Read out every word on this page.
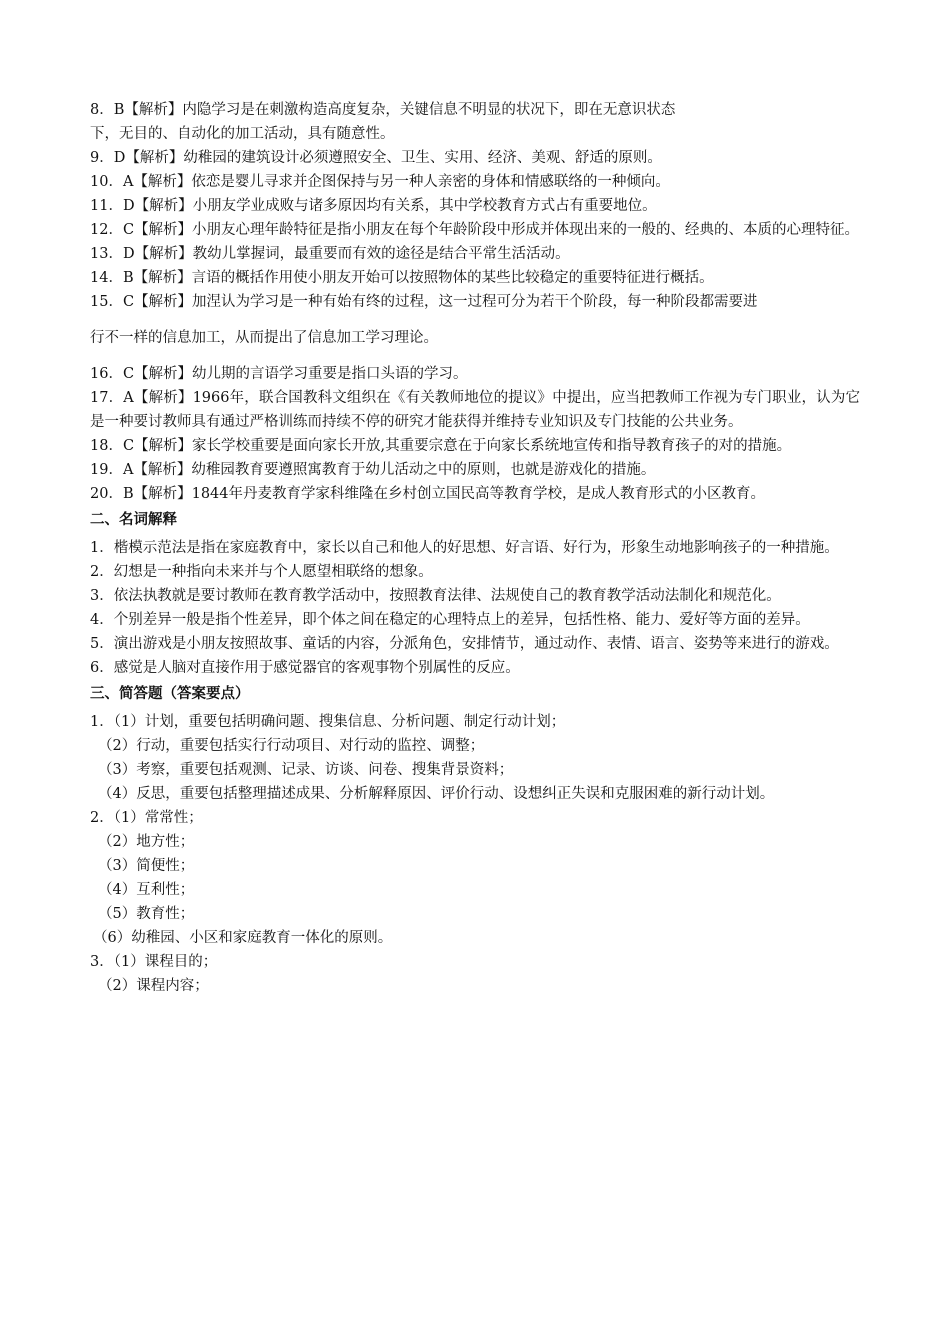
8．B【解析】内隐学习是在刺激构造高度复杂，关键信息不明显的状况下，即在无意识状态

下，无目的、自动化的加工活动，具有随意性。

9．D【解析】幼稚园的建筑设计必须遵照安全、卫生、实用、经济、美观、舒适的原则。

10．A【解析】依恋是婴儿寻求并企图保持与另一种人亲密的身体和情感联络的一种倾向。

11．D【解析】小朋友学业成败与诸多原因均有关系，其中学校教育方式占有重要地位。

12．C【解析】小朋友心理年龄特征是指小朋友在每个年龄阶段中形成并体现出来的一般的、经典的、本质的心理特征。

13．D【解析】教幼儿掌握词，最重要而有效的途径是结合平常生活活动。

14．B【解析】言语的概括作用使小朋友开始可以按照物体的某些比较稳定的重要特征进行概括。

15．C【解析】加涅认为学习是一种有始有终的过程，这一过程可分为若干个阶段，每一种阶段都需要进

行不一样的信息加工，从而提出了信息加工学习理论。

16．C【解析】幼儿期的言语学习重要是指口头语的学习。

17．A【解析】1966年，联合国教科文组织在《有关教师地位的提议》中提出，应当把教师工作视为专门职业，认为它是一种要讨教师具有通过严格训练而持续不停的研究才能获得并维持专业知识及专门技能的公共业务。

18．C【解析】家长学校重要是面向家长开放,其重要宗意在于向家长系统地宣传和指导教育孩子的对的措施。

19．A【解析】幼稚园教育要遵照寓教育于幼儿活动之中的原则，也就是游戏化的措施。

20．B【解析】1844年丹麦教育学家科维隆在乡村创立国民高等教育学校，是成人教育形式的小区教育。

二、名词解释

1．楷模示范法是指在家庭教育中，家长以自己和他人的好思想、好言语、好行为，形象生动地影响孩子的一种措施。

2．幻想是一种指向未来并与个人愿望相联络的想象。

3．依法执教就是要讨教师在教育教学活动中，按照教育法律、法规使自己的教育教学活动法制化和规范化。

4．个别差异一般是指个性差异，即个体之间在稳定的心理特点上的差异，包括性格、能力、爱好等方面的差异。

5．演出游戏是小朋友按照故事、童话的内容，分派角色，安排情节，通过动作、表情、语言、姿势等来进行的游戏。

6．感觉是人脑对直接作用于感觉器官的客观事物个别属性的反应。

三、简答题（答案要点）

1．（1）计划，重要包括明确问题、搜集信息、分析问题、制定行动计划；

（2）行动，重要包括实行行动项目、对行动的监控、调整；

（3）考察，重要包括观测、记录、访谈、问卷、搜集背景资料；

（4）反思，重要包括整理描述成果、分析解释原因、评价行动、设想纠正失误和克服困难的新行动计划。

2．（1）常常性；

（2）地方性；

（3）简便性；

（4）互利性；

（5）教育性；

（6）幼稚园、小区和家庭教育一体化的原则。

3．（1）课程目的；

（2）课程内容；
